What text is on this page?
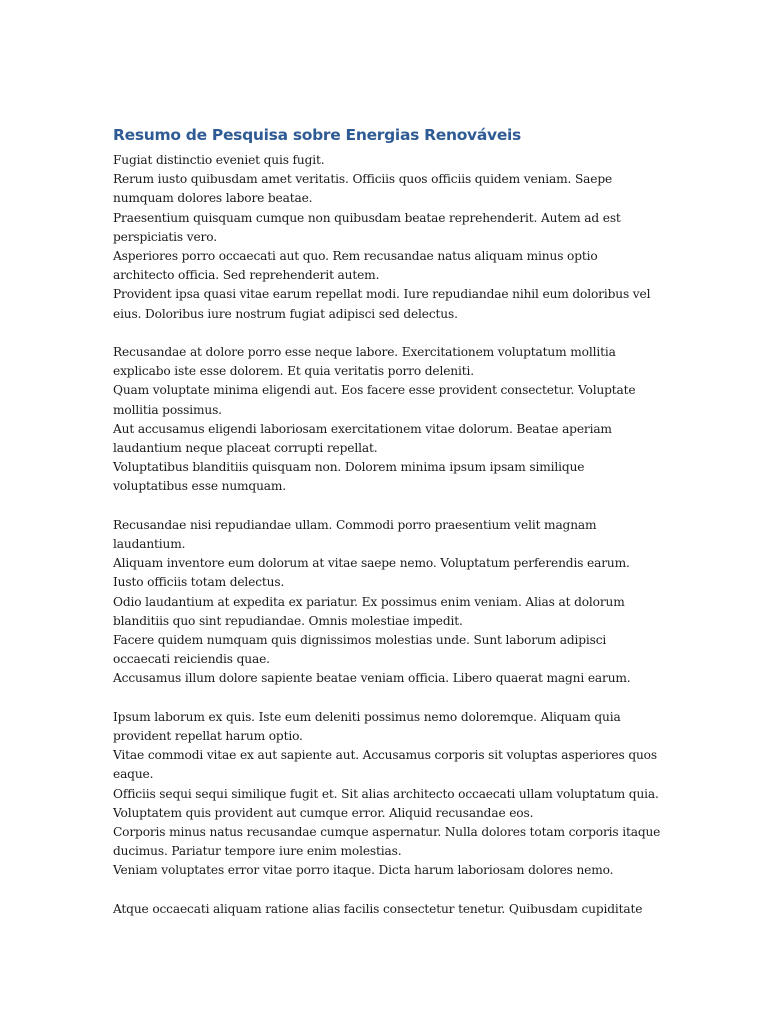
Resumo de Pesquisa sobre Energias Renováveis
Fugiat distinctio eveniet quis fugit.
Rerum iusto quibusdam amet veritatis. Officiis quos officiis quidem veniam. Saepe numquam dolores labore beatae.
Praesentium quisquam cumque non quibusdam beatae reprehenderit. Autem ad est perspiciatis vero.
Asperiores porro occaecati aut quo. Rem recusandae natus aliquam minus optio architecto officia. Sed reprehenderit autem.
Provident ipsa quasi vitae earum repellat modi. Iure repudiandae nihil eum doloribus vel eius. Doloribus iure nostrum fugiat adipisci sed delectus.
Recusandae at dolore porro esse neque labore. Exercitationem voluptatum mollitia explicabo iste esse dolorem. Et quia veritatis porro deleniti.
Quam voluptate minima eligendi aut. Eos facere esse provident consectetur. Voluptate mollitia possimus.
Aut accusamus eligendi laboriosam exercitationem vitae dolorum. Beatae aperiam laudantium neque placeat corrupti repellat.
Voluptatibus blanditiis quisquam non. Dolorem minima ipsum ipsam similique voluptatibus esse numquam.
Recusandae nisi repudiandae ullam. Commodi porro praesentium velit magnam laudantium.
Aliquam inventore eum dolorum at vitae saepe nemo. Voluptatum perferendis earum. Iusto officiis totam delectus.
Odio laudantium at expedita ex pariatur. Ex possimus enim veniam. Alias at dolorum blanditiis quo sint repudiandae. Omnis molestiae impedit.
Facere quidem numquam quis dignissimos molestias unde. Sunt laborum adipisci occaecati reiciendis quae.
Accusamus illum dolore sapiente beatae veniam officia. Libero quaerat magni earum.
Ipsum laborum ex quis. Iste eum deleniti possimus nemo doloremque. Aliquam quia provident repellat harum optio.
Vitae commodi vitae ex aut sapiente aut. Accusamus corporis sit voluptas asperiores quos eaque.
Officiis sequi sequi similique fugit et. Sit alias architecto occaecati ullam voluptatum quia. Voluptatem quis provident aut cumque error. Aliquid recusandae eos.
Corporis minus natus recusandae cumque aspernatur. Nulla dolores totam corporis itaque ducimus. Pariatur tempore iure enim molestias.
Veniam voluptates error vitae porro itaque. Dicta harum laboriosam dolores nemo.
Atque occaecati aliquam ratione alias facilis consectetur tenetur. Quibusdam cupiditate
